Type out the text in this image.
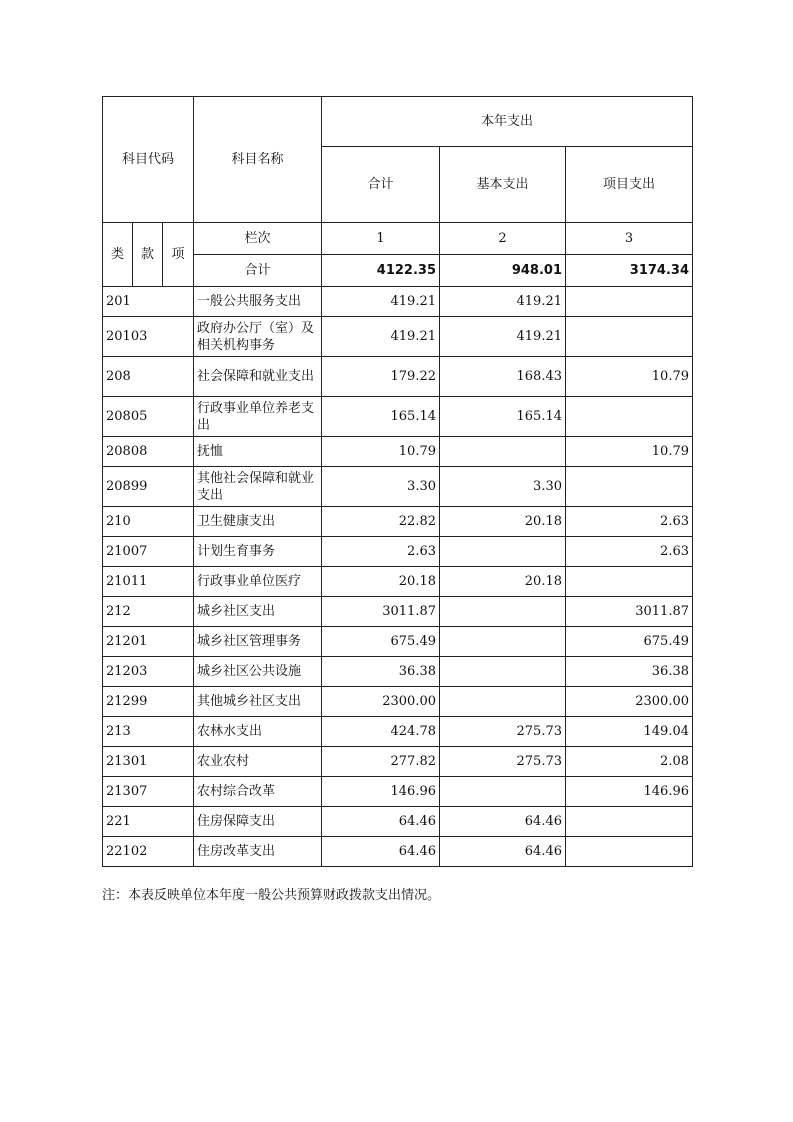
科目代码			科目名称	本年支出		
				合计	基本支出	项目支出
类	款	项	栏次	1	2	3
			合计	4122.35	948.01	3174.34
201			一般公共服务支出	419.21	419.21	
20103			政府办公厅（室）及相关机构事务	419.21	419.21	
208			社会保障和就业支出	179.22	168.43	10.79
20805			行政事业单位养老支出	165.14	165.14	
20808			抚恤	10.79		10.79
20899			其他社会保障和就业支出	3.30	3.30	
210			卫生健康支出	22.82	20.18	2.63
21007			计划生育事务	2.63		2.63
21011			行政事业单位医疗	20.18	20.18	
212			城乡社区支出	3011.87		3011.87
21201			城乡社区管理事务	675.49		675.49
21203			城乡社区公共设施	36.38		36.38
21299			其他城乡社区支出	2300.00		2300.00
213			农林水支出	424.78	275.73	149.04
21301			农业农村	277.82	275.73	2.08
21307			农村综合改革	146.96		146.96
221			住房保障支出	64.46	64.46	
22102			住房改革支出	64.46	64.46	
注：本表反映单位本年度一般公共预算财政拨款支出情况。
